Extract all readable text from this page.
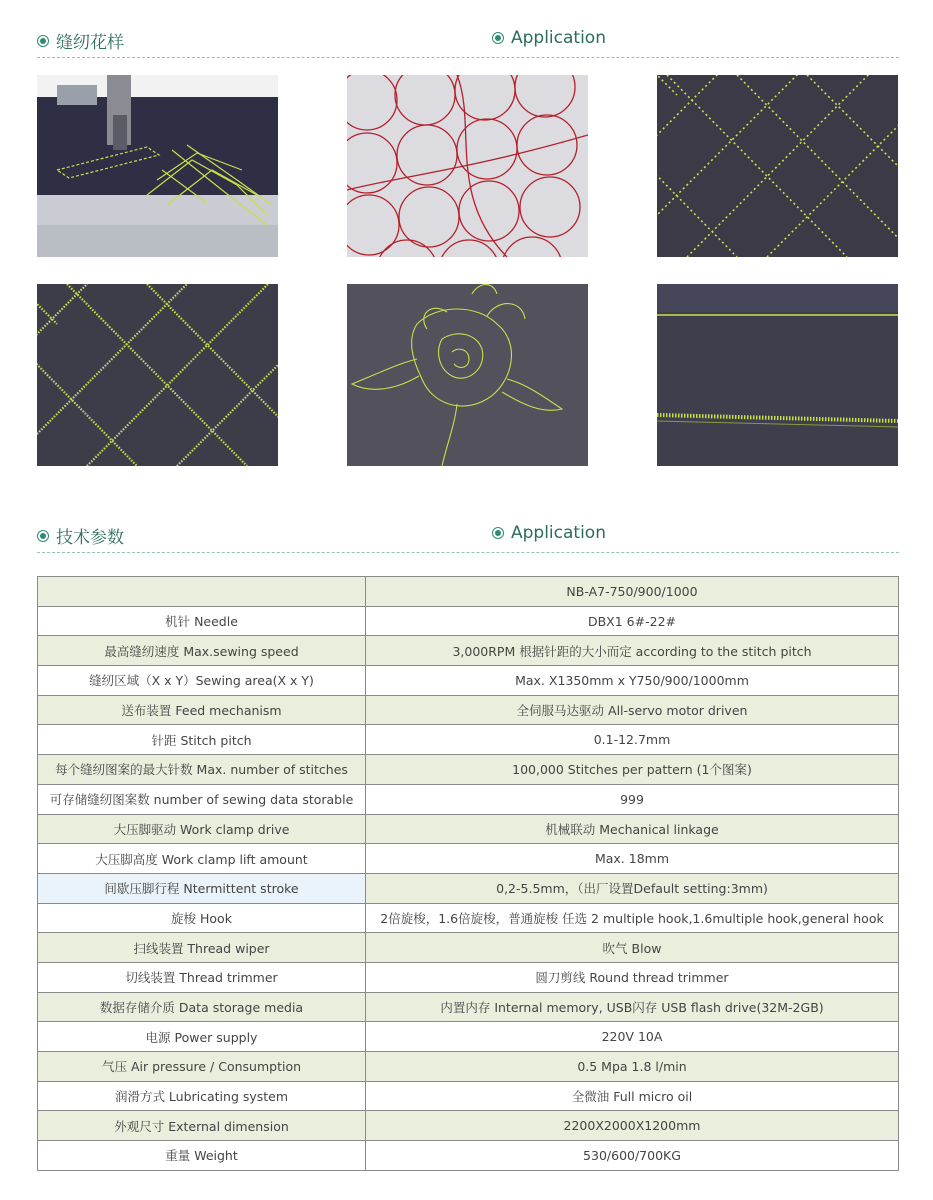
缝纫花样	Application
技术参数	Application
	NB-A7-750/900/1000
机针 Needle	DBX1 6#-22#
最高缝纫速度 Max.sewing speed	3,000RPM 根据针距的大小而定 according to the stitch pitch
缝纫区域（X x Y）Sewing area(X x Y)	Max. X1350mm x Y750/900/1000mm
送布装置 Feed mechanism	全伺服马达驱动 All-servo motor driven
针距 Stitch pitch	0.1-12.7mm
每个缝纫图案的最大针数 Max. number of stitches	100,000 Stitches per pattern (1个图案)
可存储缝纫图案数 number of sewing data storable	999
大压脚驱动 Work clamp drive	机械联动 Mechanical linkage
大压脚高度 Work clamp lift amount	Max. 18mm
间歇压脚行程 Ntermittent stroke	0,2-5.5mm，（出厂设置Default setting:3mm)
旋梭 Hook	2倍旋梭，1.6倍旋梭，普通旋梭 任选 2 multiple hook,1.6multiple hook,general hook
扫线装置 Thread wiper	吹气 Blow
切线装置 Thread trimmer	圆刀剪线 Round thread trimmer
数据存储介质 Data storage media	内置内存 Internal memory, USB闪存 USB flash drive(32M-2GB)
电源 Power supply	220V 10A
气压 Air pressure / Consumption	0.5 Mpa 1.8 l/min
润滑方式 Lubricating system	全微油 Full micro oil
外观尺寸 External dimension	2200X2000X1200mm
重量 Weight	530/600/700KG
